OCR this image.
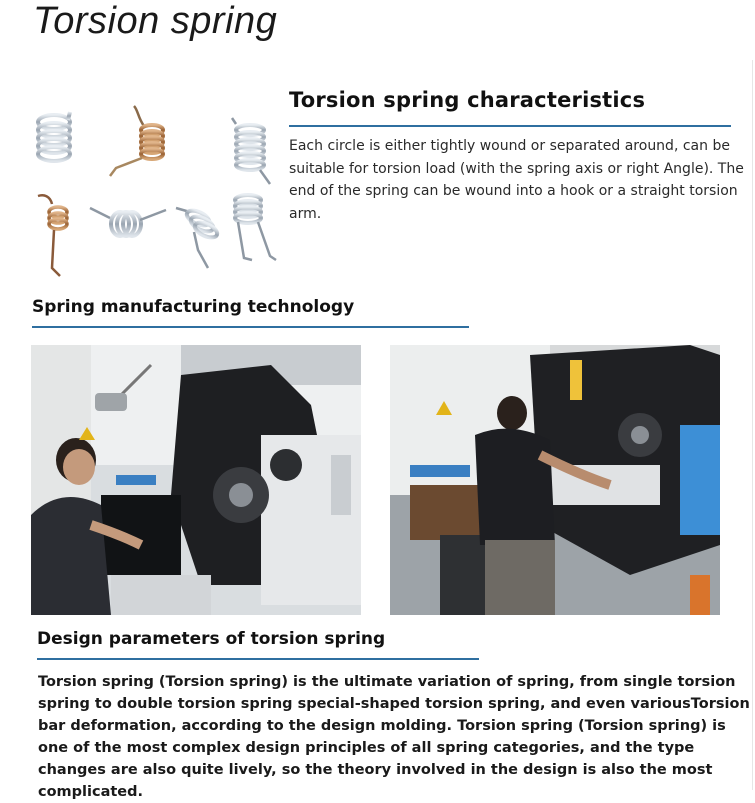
Torsion spring
Torsion spring characteristics
Each circle is either tightly wound or separated around, can be suitable for torsion load (with the spring axis or right Angle). The end of the spring can be wound into a hook or a straight torsion arm.
Spring manufacturing technology
Design parameters of torsion spring
Torsion spring (Torsion spring) is the ultimate variation of spring, from single torsion spring to double torsion spring special-shaped torsion spring, and even variousTorsion bar deformation, according to the design molding. Torsion spring (Torsion spring) is one of the most complex design principles of all spring categories, and the type changes are also quite lively, so the theory involved in the design is also the most complicated.
